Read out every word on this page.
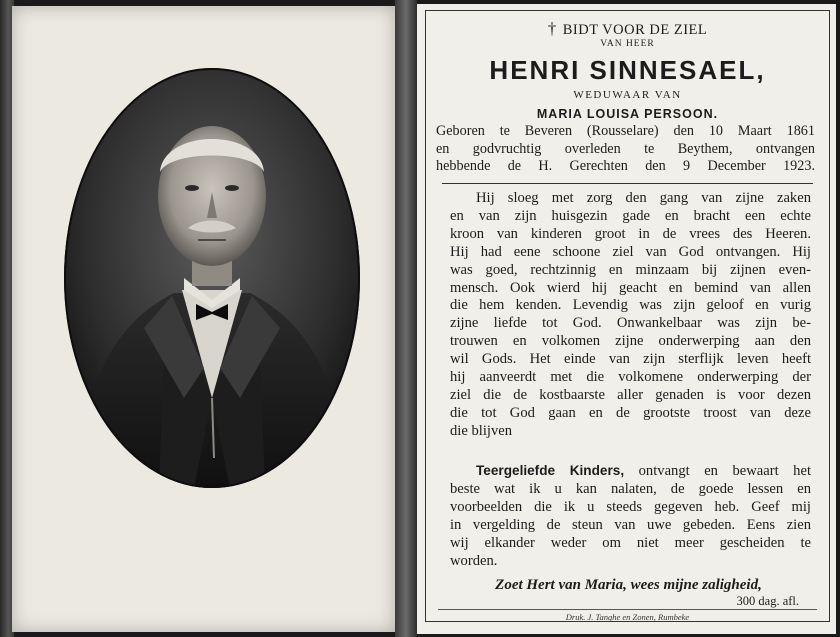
† BIDT VOOR DE ZIEL
VAN HEER
HENRI SINNESAEL,
WEDUWAAR VAN
MARIA LOUISA PERSOON.
Geboren te Beveren (Rousselare) den 10 Maart 1861
en godvruchtig overleden te Beythem, ontvangen
hebbende de H. Gerechten den 9 December 1923.
Hij sloeg met zorg den gang van zijne zaken
en van zijn huisgezin gade en bracht een echte
kroon van kinderen groot in de vrees des Heeren.
Hij had eene schoone ziel van God ontvangen. Hij
was goed, rechtzinnig en minzaam bij zijnen even-
mensch. Ook wierd hij geacht en bemind van allen
die hem kenden. Levendig was zijn geloof en vurig
zijne liefde tot God. Onwankelbaar was zijn be-
trouwen en volkomen zijne onderwerping aan den
wil Gods. Het einde van zijn sterflijk leven heeft
hij aanveerdt met die volkomene onderwerping der
ziel die de kostbaarste aller genaden is voor dezen
die tot God gaan en de grootste troost van deze
die blijven
Teergeliefde Kinders, ontvangt en bewaart het
beste wat ik u kan nalaten, de goede lessen en
voorbeelden die ik u steeds gegeven heb. Geef mij
in vergelding de steun van uwe gebeden. Eens zien
wij elkander weder om niet meer gescheiden te
worden.
Zoet Hert van Maria, wees mijne zaligheid,
300 dag. afl.
Druk. J. Tanghe en Zonen, Rumbeke
